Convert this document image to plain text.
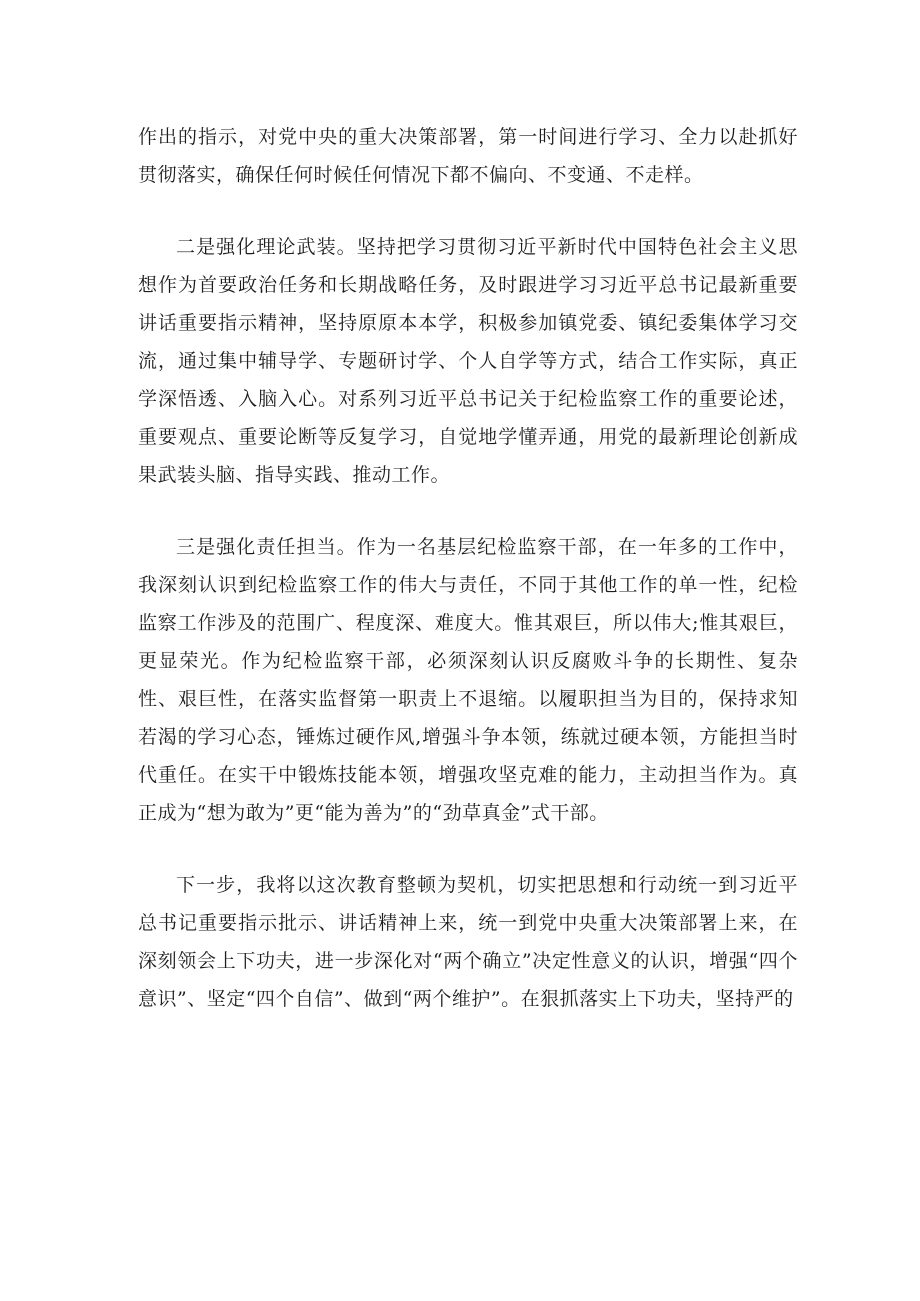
作出的指示，对党中央的重大决策部署，第一时间进行学习、全力以赴抓好贯彻落实，确保任何时候任何情况下都不偏向、不变通、不走样。

二是强化理论武装。坚持把学习贯彻习近平新时代中国特色社会主义思想作为首要政治任务和长期战略任务，及时跟进学习习近平总书记最新重要讲话重要指示精神，坚持原原本本学，积极参加镇党委、镇纪委集体学习交流，通过集中辅导学、专题研讨学、个人自学等方式，结合工作实际，真正学深悟透、入脑入心。对系列习近平总书记关于纪检监察工作的重要论述，重要观点、重要论断等反复学习，自觉地学懂弄通，用党的最新理论创新成果武装头脑、指导实践、推动工作。

三是强化责任担当。作为一名基层纪检监察干部，在一年多的工作中，我深刻认识到纪检监察工作的伟大与责任，不同于其他工作的单一性，纪检监察工作涉及的范围广、程度深、难度大。惟其艰巨，所以伟大;惟其艰巨，更显荣光。作为纪检监察干部，必须深刻认识反腐败斗争的长期性、复杂性、艰巨性，在落实监督第一职责上不退缩。以履职担当为目的，保持求知若渴的学习心态，锤炼过硬作风,增强斗争本领，练就过硬本领，方能担当时代重任。在实干中锻炼技能本领，增强攻坚克难的能力，主动担当作为。真正成为“想为敢为”更“能为善为”的“劲草真金”式干部。

下一步，我将以这次教育整顿为契机，切实把思想和行动统一到习近平总书记重要指示批示、讲话精神上来，统一到党中央重大决策部署上来，在深刻领会上下功夫，进一步深化对“两个确立”决定性意义的认识，增强“四个意识”、坚定“四个自信”、做到“两个维护”。在狠抓落实上下功夫，坚持严的
